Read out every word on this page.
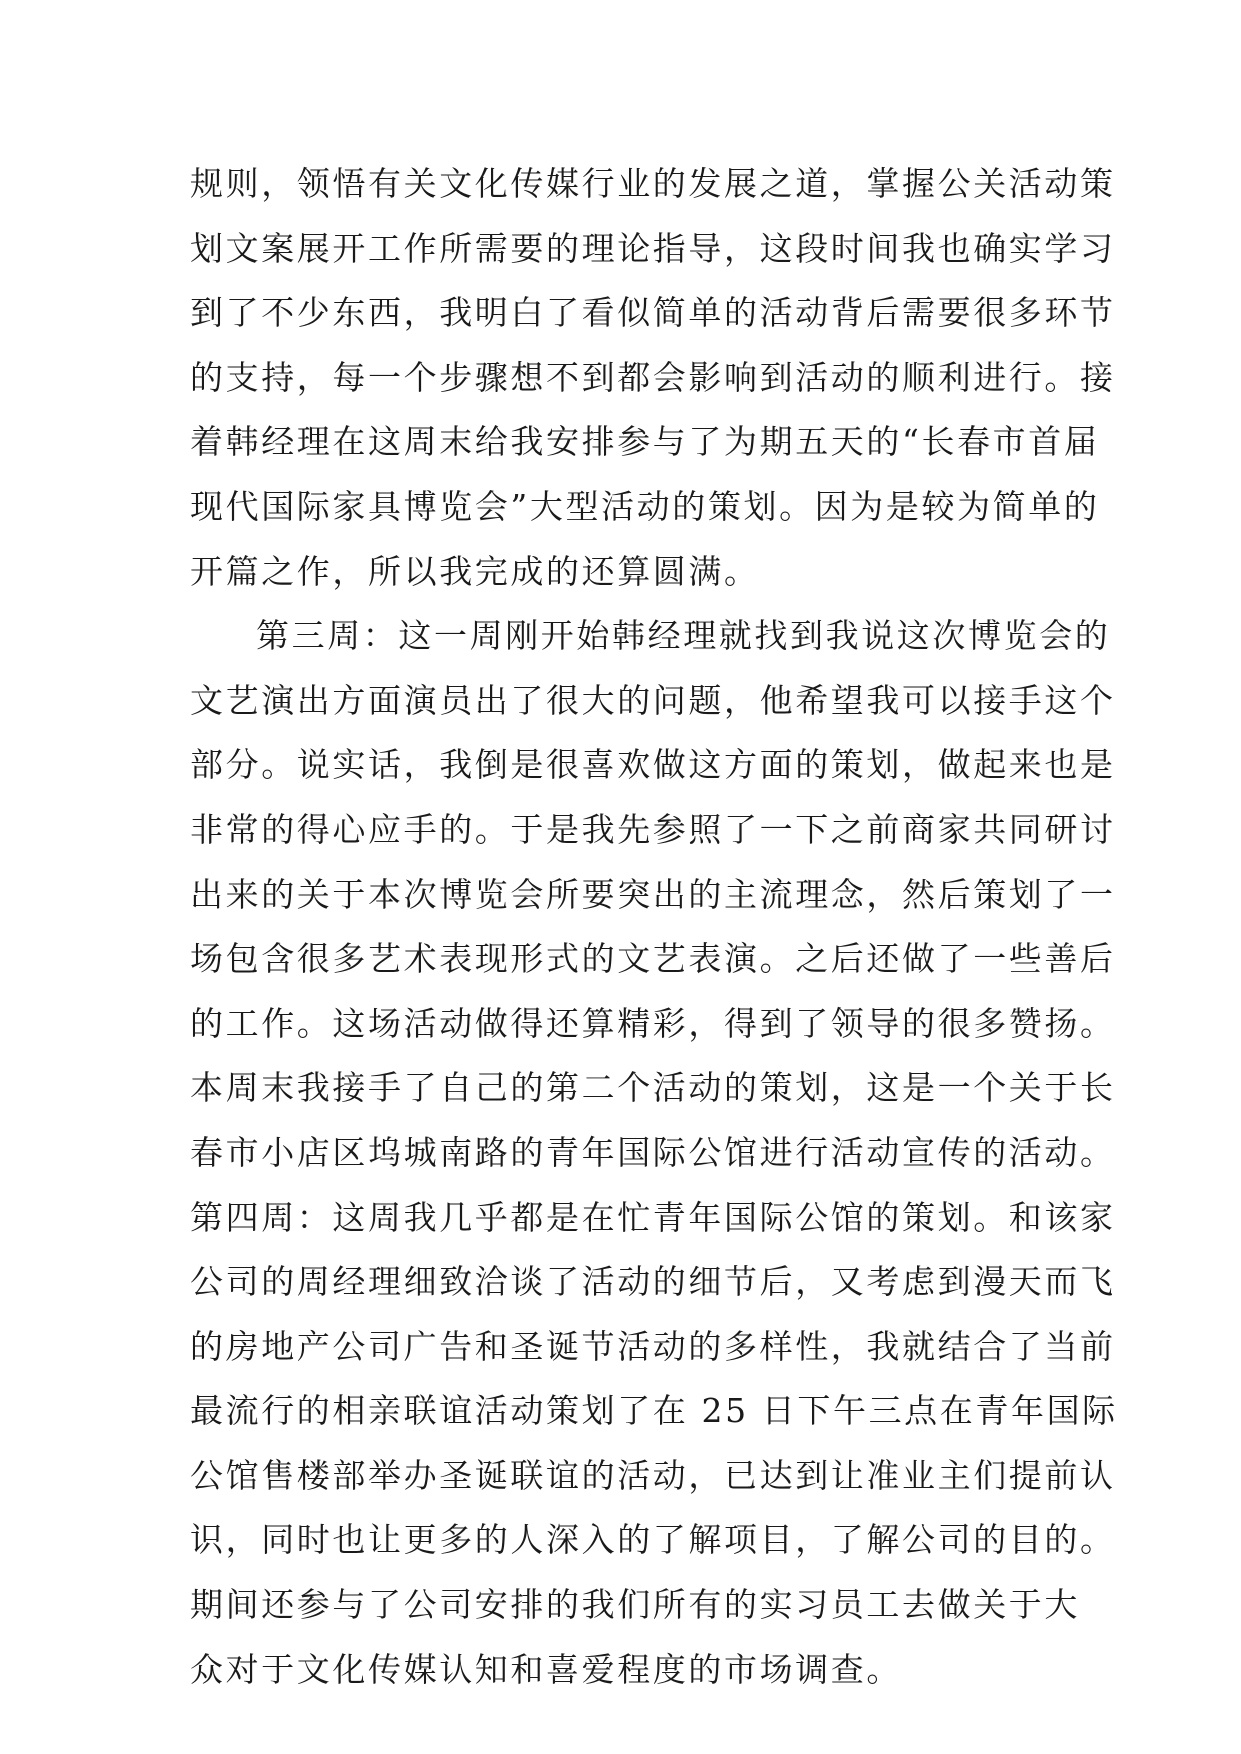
规则，领悟有关文化传媒行业的发展之道，掌握公关活动策
划文案展开工作所需要的理论指导，这段时间我也确实学习
到了不少东西，我明白了看似简单的活动背后需要很多环节
的支持，每一个步骤想不到都会影响到活动的顺利进行。接
着韩经理在这周末给我安排参与了为期五天的“长春市首届
现代国际家具博览会”大型活动的策划。因为是较为简单的
开篇之作，所以我完成的还算圆满。
第三周：这一周刚开始韩经理就找到我说这次博览会的
文艺演出方面演员出了很大的问题，他希望我可以接手这个
部分。说实话，我倒是很喜欢做这方面的策划，做起来也是
非常的得心应手的。于是我先参照了一下之前商家共同研讨
出来的关于本次博览会所要突出的主流理念，然后策划了一
场包含很多艺术表现形式的文艺表演。之后还做了一些善后
的工作。这场活动做得还算精彩，得到了领导的很多赞扬。
本周末我接手了自己的第二个活动的策划，这是一个关于长
春市小店区坞城南路的青年国际公馆进行活动宣传的活动。
第四周：这周我几乎都是在忙青年国际公馆的策划。和该家
公司的周经理细致洽谈了活动的细节后，又考虑到漫天而飞
的房地产公司广告和圣诞节活动的多样性，我就结合了当前
最流行的相亲联谊活动策划了在 25 日下午三点在青年国际
公馆售楼部举办圣诞联谊的活动，已达到让准业主们提前认
识，同时也让更多的人深入的了解项目，了解公司的目的。
期间还参与了公司安排的我们所有的实习员工去做关于大
众对于文化传媒认知和喜爱程度的市场调查。
